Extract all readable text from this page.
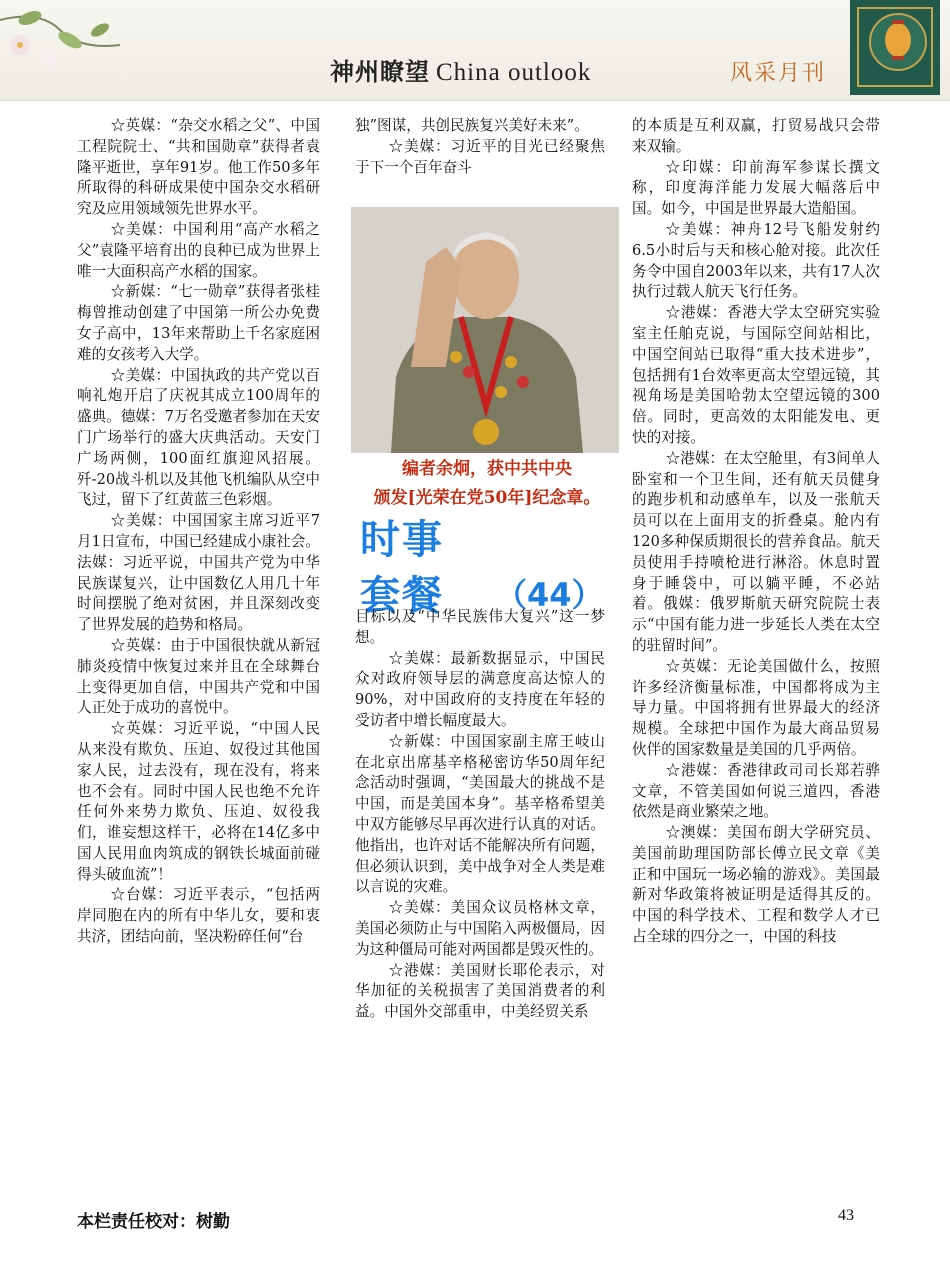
神州瞭望 China outlook	风采月刊

☆英媒：“杂交水稻之父”、中国工程院院士、“共和国勋章”获得者袁隆平逝世，享年91岁。他工作50多年所取得的科研成果使中国杂交水稻研究及应用领域领先世界水平。

☆美媒：中国利用“高产水稻之父”袁隆平培育出的良种已成为世界上唯一大面积高产水稻的国家。

☆新媒：“七一勋章”获得者张桂梅曾推动创建了中国第一所公办免费女子高中，13年来帮助上千名家庭困难的女孩考入大学。

☆美媒：中国执政的共产党以百响礼炮开启了庆祝其成立100周年的盛典。德媒：7万名受邀者参加在天安门广场举行的盛大庆典活动。天安门广场两侧，100面红旗迎风招展。歼-20战斗机以及其他飞机编队从空中飞过，留下了红黄蓝三色彩烟。

☆美媒：中国国家主席习近平7月1日宣布，中国已经建成小康社会。法媒：习近平说，中国共产党为中华民族谋复兴，让中国数亿人用几十年时间摆脱了绝对贫困，并且深刻改变了世界发展的趋势和格局。

☆英媒：由于中国很快就从新冠肺炎疫情中恢复过来并且在全球舞台上变得更加自信，中国共产党和中国人正处于成功的喜悦中。

☆英媒：习近平说，“中国人民从来没有欺负、压迫、奴役过其他国家人民，过去没有，现在没有，将来也不会有。同时中国人民也绝不允许任何外来势力欺负、压迫、奴役我们，谁妄想这样干，必将在14亿多中国人民用血肉筑成的钢铁长城面前碰得头破血流”！

☆台媒：习近平表示，“包括两岸同胞在内的所有中华儿女，要和衷共济，团结向前，坚决粉碎任何“台

独”图谋，共创民族复兴美好未来”。

☆美媒：习近平的目光已经聚焦于下一个百年奋斗

编者余炯，获中共中央
颁发[光荣在党50年]纪念章。
时事
套餐 （44）

目标以及“中华民族伟大复兴”这一梦想。

☆美媒：最新数据显示，中国民众对政府领导层的满意度高达惊人的90%，对中国政府的支持度在年轻的受访者中增长幅度最大。

☆新媒：中国国家副主席王岐山在北京出席基辛格秘密访华50周年纪念活动时强调，“美国最大的挑战不是中国，而是美国本身”。基辛格希望美中双方能够尽早再次进行认真的对话。他指出，也许对话不能解决所有问题，但必须认识到，美中战争对全人类是难以言说的灾难。

☆美媒：美国众议员格林文章，美国必须防止与中国陷入两极僵局，因为这种僵局可能对两国都是毁灭性的。

☆港媒：美国财长耶伦表示，对华加征的关税损害了美国消费者的利益。中国外交部重申，中美经贸关系

的本质是互利双赢，打贸易战只会带来双输。

☆印媒：印前海军参谋长撰文称，印度海洋能力发展大幅落后中国。如今，中国是世界最大造船国。

☆美媒：神舟12号飞船发射约6.5小时后与天和核心舱对接。此次任务令中国自2003年以来，共有17人次执行过载人航天飞行任务。

☆港媒：香港大学太空研究实验室主任舶克说，与国际空间站相比，中国空间站已取得“重大技术进步”，包括拥有1台效率更高太空望远镜，其视角场是美国哈勃太空望远镜的300倍。同时，更高效的太阳能发电、更快的对接。

☆港媒：在太空舱里，有3间单人卧室和一个卫生间，还有航天员健身的跑步机和动感单车，以及一张航天员可以在上面用支的折叠桌。舱内有120多种保质期很长的营养食品。航天员使用手持喷枪进行淋浴。休息时置身于睡袋中，可以躺平睡，不必站着。俄媒：俄罗斯航天研究院院士表示“中国有能力进一步延长人类在太空的驻留时间”。

☆英媒：无论美国做什么，按照许多经济衡量标准，中国都将成为主导力量。中国将拥有世界最大的经济规模。全球把中国作为最大商品贸易伙伴的国家数量是美国的几乎两倍。

☆港媒：香港律政司司长郑若骅文章，不管美国如何说三道四，香港依然是商业繁荣之地。

☆澳媒：美国布朗大学研究员、美国前助理国防部长傅立民文章《美正和中国玩一场必输的游戏》。美国最新对华政策将被证明是适得其反的。中国的科学技术、工程和数学人才已占全球的四分之一，中国的科技

本栏责任校对：树勤	43
